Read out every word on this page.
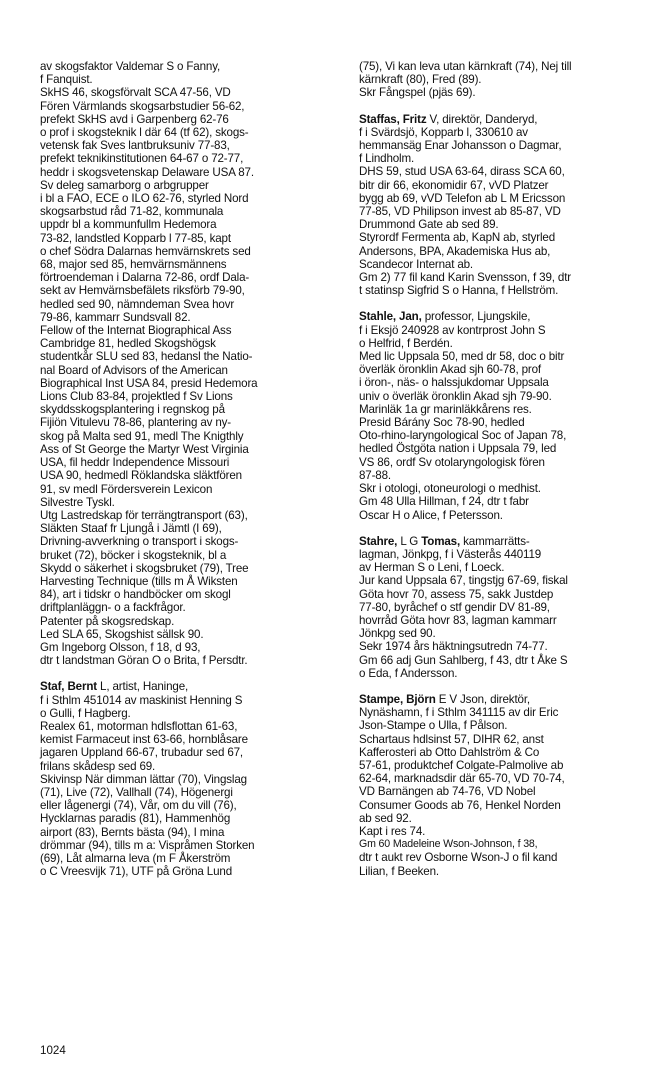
av skogsfaktor Valdemar S o Fanny,
f Fanquist.
SkHS 46, skogsförvalt SCA 47-56, VD
Fören Värmlands skogsarbstudier 56-62,
prefekt SkHS avd i Garpenberg 62-76
o prof i skogsteknik l där 64 (tf 62), skogs-
vetensk fak Sves lantbruksuniv 77-83,
prefekt teknikinstitutionen 64-67 o 72-77,
heddr i skogsvetenskap Delaware USA 87.
Sv deleg samarborg o arbgrupper
i bl a FAO, ECE o ILO 62-76, styrled Nord
skogsarbstud råd 71-82, kommunala
uppdr bl a kommunfullm Hedemora
73-82, landstled Kopparb l 77-85, kapt
o chef Södra Dalarnas hemvärnskrets sed
68, major sed 85, hemvärnsmännens
förtroendeman i Dalarna 72-86, ordf Dala-
sekt av Hemvärnsbefälets riksförb 79-90,
hedled sed 90, nämndeman Svea hovr
79-86, kammarr Sundsvall 82.
Fellow of the Internat Biographical Ass
Cambridge 81, hedled Skogshögsk
studentkår SLU sed 83, hedansl the Natio-
nal Board of Advisors of the American
Biographical Inst USA 84, presid Hedemora
Lions Club 83-84, projektled f Sv Lions
skyddsskogsplantering i regnskog på
Fijiön Vitulevu 78-86, plantering av ny-
skog på Malta sed 91, medl The Knigthly
Ass of St George the Martyr West Virginia
USA, fil heddr Independence Missouri
USA 90, hedmedl Röklandska släktfören
91, sv medl Fördersverein Lexicon
Silvestre Tyskl.
Utg Lastredskap för terrängtransport (63),
Släkten Staaf fr Ljungå i Jämtl (I 69),
Drivning-avverkning o transport i skogs-
bruket (72), böcker i skogsteknik, bl a
Skydd o säkerhet i skogsbruket (79), Tree
Harvesting Technique (tills m Å Wiksten
84), art i tidskr o handböcker om skogl
driftplanläggn- o a fackfrågor.
Patenter på skogsredskap.
Led SLA 65, Skogshist sällsk 90.
Gm Ingeborg Olsson, f 18, d 93,
dtr t landstman Göran O o Brita, f Persdtr.
Staf, Bernt L, artist, Haninge,
f i Sthlm 451014 av maskinist Henning S
o Gulli, f Hagberg.
Realex 61, motorman hdlsflottan 61-63,
kemist Farmaceut inst 63-66, hornblåsare
jagaren Uppland 66-67, trubadur sed 67,
frilans skådesp sed 69.
Skivinsp När dimman lättar (70), Vingslag
(71), Live (72), Vallhall (74), Högenergi
eller lågenergi (74), Vår, om du vill (76),
Hycklarnas paradis (81), Hammenhög
airport (83), Bernts bästa (94), I mina
drömmar (94), tills m a: Vispråmen Storken
(69), Låt almarna leva (m F Åkerström
o C Vreesvijk 71), UTF på Gröna Lund
(75), Vi kan leva utan kärnkraft (74), Nej till
kärnkraft (80), Fred (89).
Skr Fångspel (pjäs 69).
Staffas, Fritz V, direktör, Danderyd,
f i Svärdsjö, Kopparb l, 330610 av
hemmansäg Enar Johansson o Dagmar,
f Lindholm.
DHS 59, stud USA 63-64, dirass SCA 60,
bitr dir 66, ekonomidir 67, vVD Platzer
bygg ab 69, vVD Telefon ab L M Ericsson
77-85, VD Philipson invest ab 85-87, VD
Drummond Gate ab sed 89.
Styrordf Fermenta ab, KapN ab, styrled
Andersons, BPA, Akademiska Hus ab,
Scandecor Internat ab.
Gm 2) 77 fil kand Karin Svensson, f 39, dtr
t statinsp Sigfrid S o Hanna, f Hellström.
Stahle, Jan, professor, Ljungskile,
f i Eksjö 240928 av kontrprost John S
o Helfrid, f Berdén.
Med lic Uppsala 50, med dr 58, doc o bitr
överläk öronklin Akad sjh 60-78, prof
i öron-, näs- o halssjukdomar Uppsala
univ o överläk öronklin Akad sjh 79-90.
Marinläk 1a gr marinläkkårens res.
Presid Bárány Soc 78-90, hedled
Oto-rhino-laryngological Soc of Japan 78,
hedled Östgöta nation i Uppsala 79, led
VS 86, ordf Sv otolaryngologisk fören
87-88.
Skr i otologi, otoneurologi o medhist.
Gm 48 Ulla Hillman, f 24, dtr t fabr
Oscar H o Alice, f Petersson.
Stahre, L G Tomas, kammarrätts-
lagman, Jönkpg, f i Västerås 440119
av Herman S o Leni, f Loeck.
Jur kand Uppsala 67, tingstjg 67-69, fiskal
Göta hovr 70, assess 75, sakk Justdep
77-80, byråchef o stf gendir DV 81-89,
hovrråd Göta hovr 83, lagman kammarr
Jönkpg sed 90.
Sekr 1974 års häktningsutredn 74-77.
Gm 66 adj Gun Sahlberg, f 43, dtr t Åke S
o Eda, f Andersson.
Stampe, Björn E V Json, direktör,
Nynäshamn, f i Sthlm 341115 av dir Eric
Json-Stampe o Ulla, f Pålson.
Schartaus hdlsinst 57, DIHR 62, anst
Kafferosteri ab Otto Dahlström & Co
57-61, produktchef Colgate-Palmolive ab
62-64, marknadsdir där 65-70, VD 70-74,
VD Barnängen ab 74-76, VD Nobel
Consumer Goods ab 76, Henkel Norden
ab sed 92.
Kapt i res 74.
Gm 60 Madeleine Wson-Johnson, f 38,
dtr t aukt rev Osborne Wson-J o fil kand
Lilian, f Beeken.
1024
